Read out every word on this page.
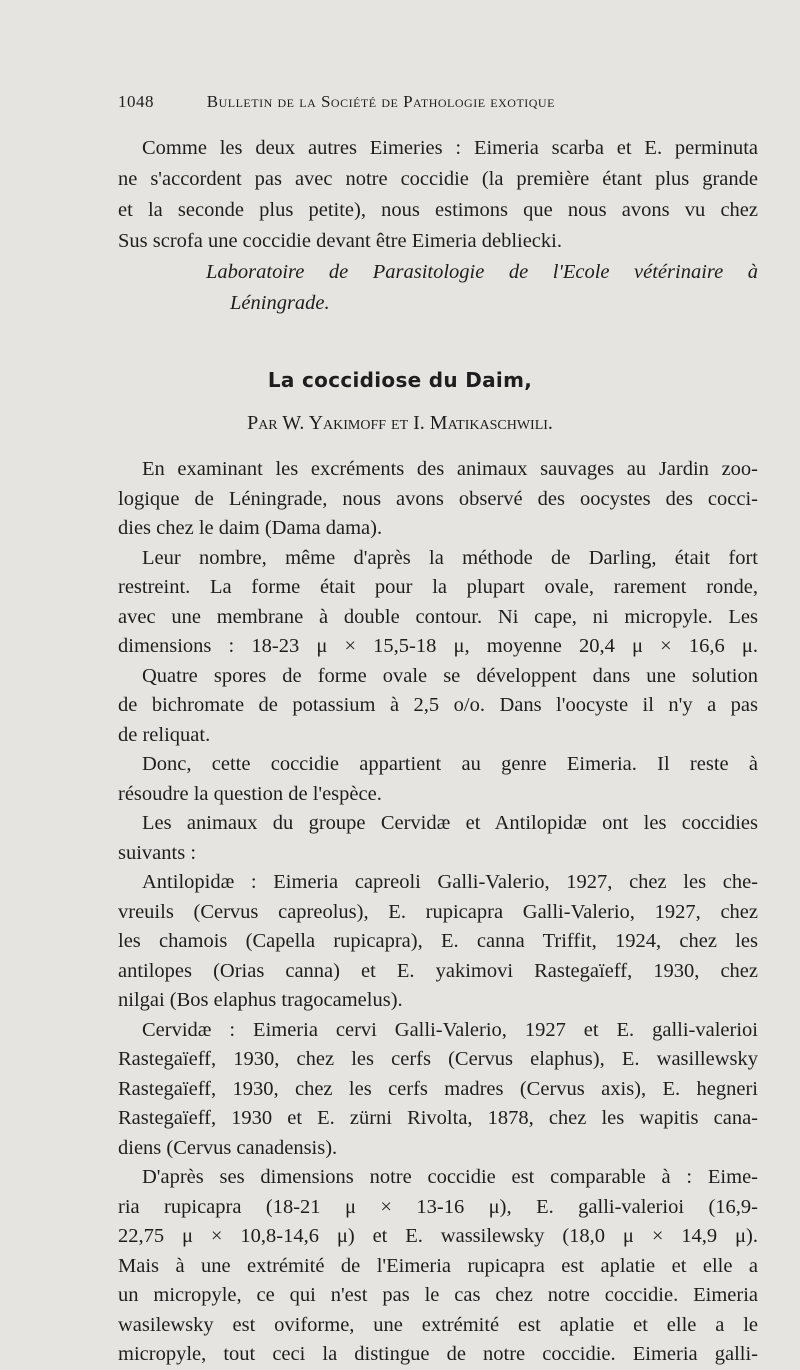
1048	Bulletin de la Société de Pathologie exotique
Comme les deux autres Eimeries : Eimeria scarba et E. perminuta
ne s'accordent pas avec notre coccidie (la première étant plus grande
et la seconde plus petite), nous estimons que nous avons vu chez
Sus scrofa une coccidie devant être Eimeria debliecki.
Laboratoire de Parasitologie de l'Ecole vétérinaire à
Léningrade.
La coccidiose du Daim,
Par W. Yakimoff et I. Matikaschwili.
En examinant les excréments des animaux sauvages au Jardin zoo-
logique de Léningrade, nous avons observé des oocystes des cocci-
dies chez le daim (Dama dama).
Leur nombre, même d'après la méthode de Darling, était fort
restreint. La forme était pour la plupart ovale, rarement ronde,
avec une membrane à double contour. Ni cape, ni micropyle. Les
dimensions : 18-23 μ × 15,5-18 μ, moyenne 20,4 μ × 16,6 μ.
Quatre spores de forme ovale se développent dans une solution
de bichromate de potassium à 2,5 o/o. Dans l'oocyste il n'y a pas
de reliquat.
Donc, cette coccidie appartient au genre Eimeria. Il reste à
résoudre la question de l'espèce.
Les animaux du groupe Cervidæ et Antilopidæ ont les coccidies
suivants :
Antilopidæ : Eimeria capreoli Galli-Valerio, 1927, chez les che-
vreuils (Cervus capreolus), E. rupicapra Galli-Valerio, 1927, chez
les chamois (Capella rupicapra), E. canna Triffit, 1924, chez les
antilopes (Orias canna) et E. yakimovi Rastegaïeff, 1930, chez
nilgai (Bos elaphus tragocamelus).
Cervidæ : Eimeria cervi Galli-Valerio, 1927 et E. galli-valerioi
Rastegaïeff, 1930, chez les cerfs (Cervus elaphus), E. wasillewsky
Rastegaïeff, 1930, chez les cerfs madres (Cervus axis), E. hegneri
Rastegaïeff, 1930 et E. zürni Rivolta, 1878, chez les wapitis cana-
diens (Cervus canadensis).
D'après ses dimensions notre coccidie est comparable à : Eime-
ria rupicapra (18-21 μ × 13-16 μ), E. galli-valerioi (16,9-
22,75 μ × 10,8-14,6 μ) et E. wassilewsky (18,0 μ × 14,9 μ).
Mais à une extrémité de l'Eimeria rupicapra est aplatie et elle a
un micropyle, ce qui n'est pas le cas chez notre coccidie. Eimeria
wasilewsky est oviforme, une extrémité est aplatie et elle a le
micropyle, tout ceci la distingue de notre coccidie. Eimeria galli-
